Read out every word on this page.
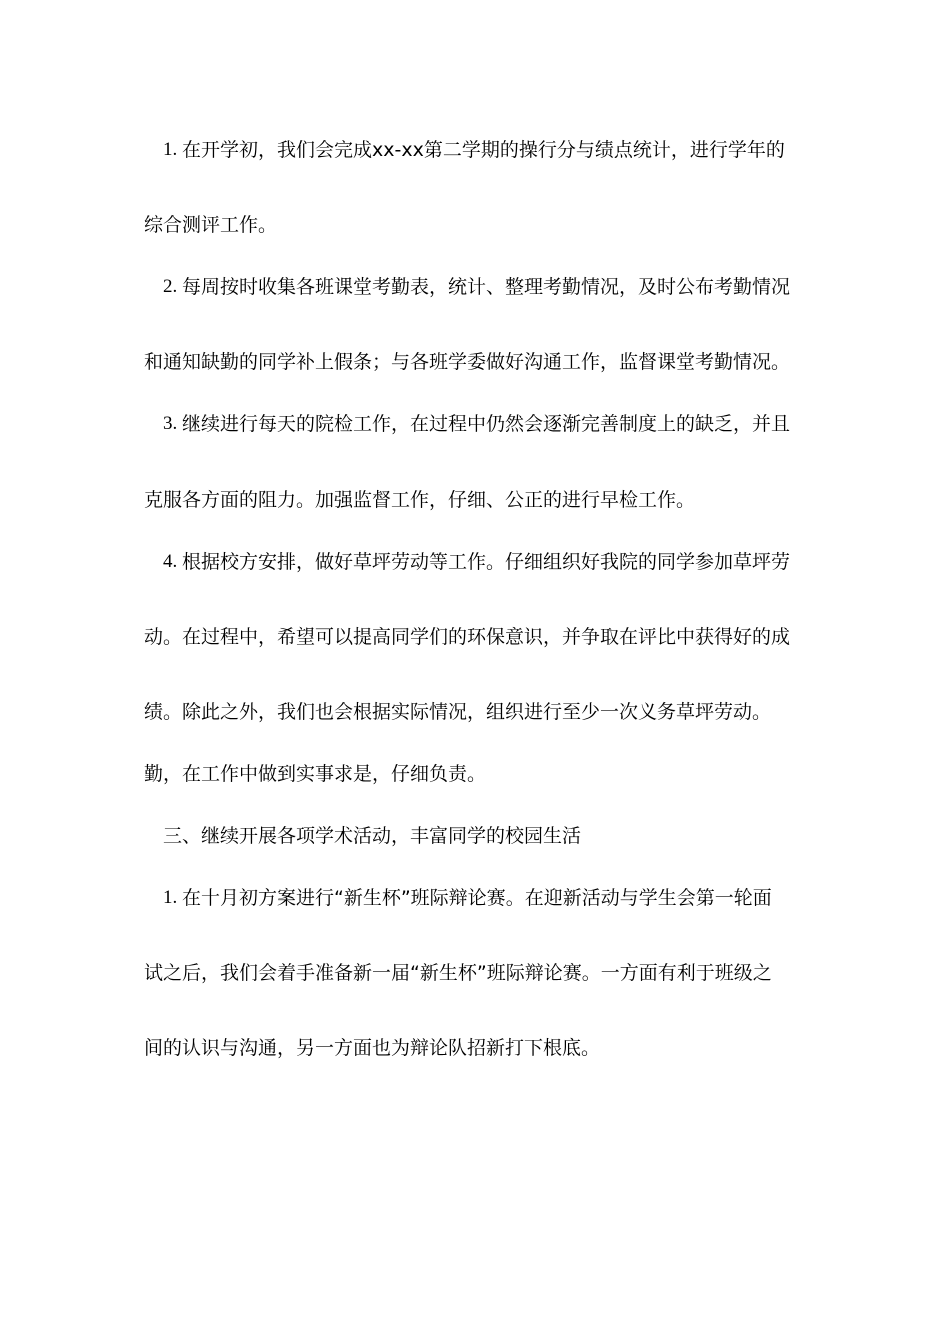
1. 在开学初，我们会完成xx-xx第二学期的操行分与绩点统计，进行学年的
综合测评工作。
2. 每周按时收集各班课堂考勤表，统计、整理考勤情况，及时公布考勤情况
和通知缺勤的同学补上假条；与各班学委做好沟通工作，监督课堂考勤情况。
3. 继续进行每天的院检工作，在过程中仍然会逐渐完善制度上的缺乏，并且
克服各方面的阻力。加强监督工作，仔细、公正的进行早检工作。
4. 根据校方安排，做好草坪劳动等工作。仔细组织好我院的同学参加草坪劳
动。在过程中，希望可以提高同学们的环保意识，并争取在评比中获得好的成
绩。除此之外，我们也会根据实际情况，组织进行至少一次义务草坪劳动。
勤，在工作中做到实事求是，仔细负责。
三、继续开展各项学术活动，丰富同学的校园生活
1. 在十月初方案进行“新生杯”班际辩论赛。在迎新活动与学生会第一轮面
试之后，我们会着手准备新一届“新生杯”班际辩论赛。一方面有利于班级之
间的认识与沟通，另一方面也为辩论队招新打下根底。
